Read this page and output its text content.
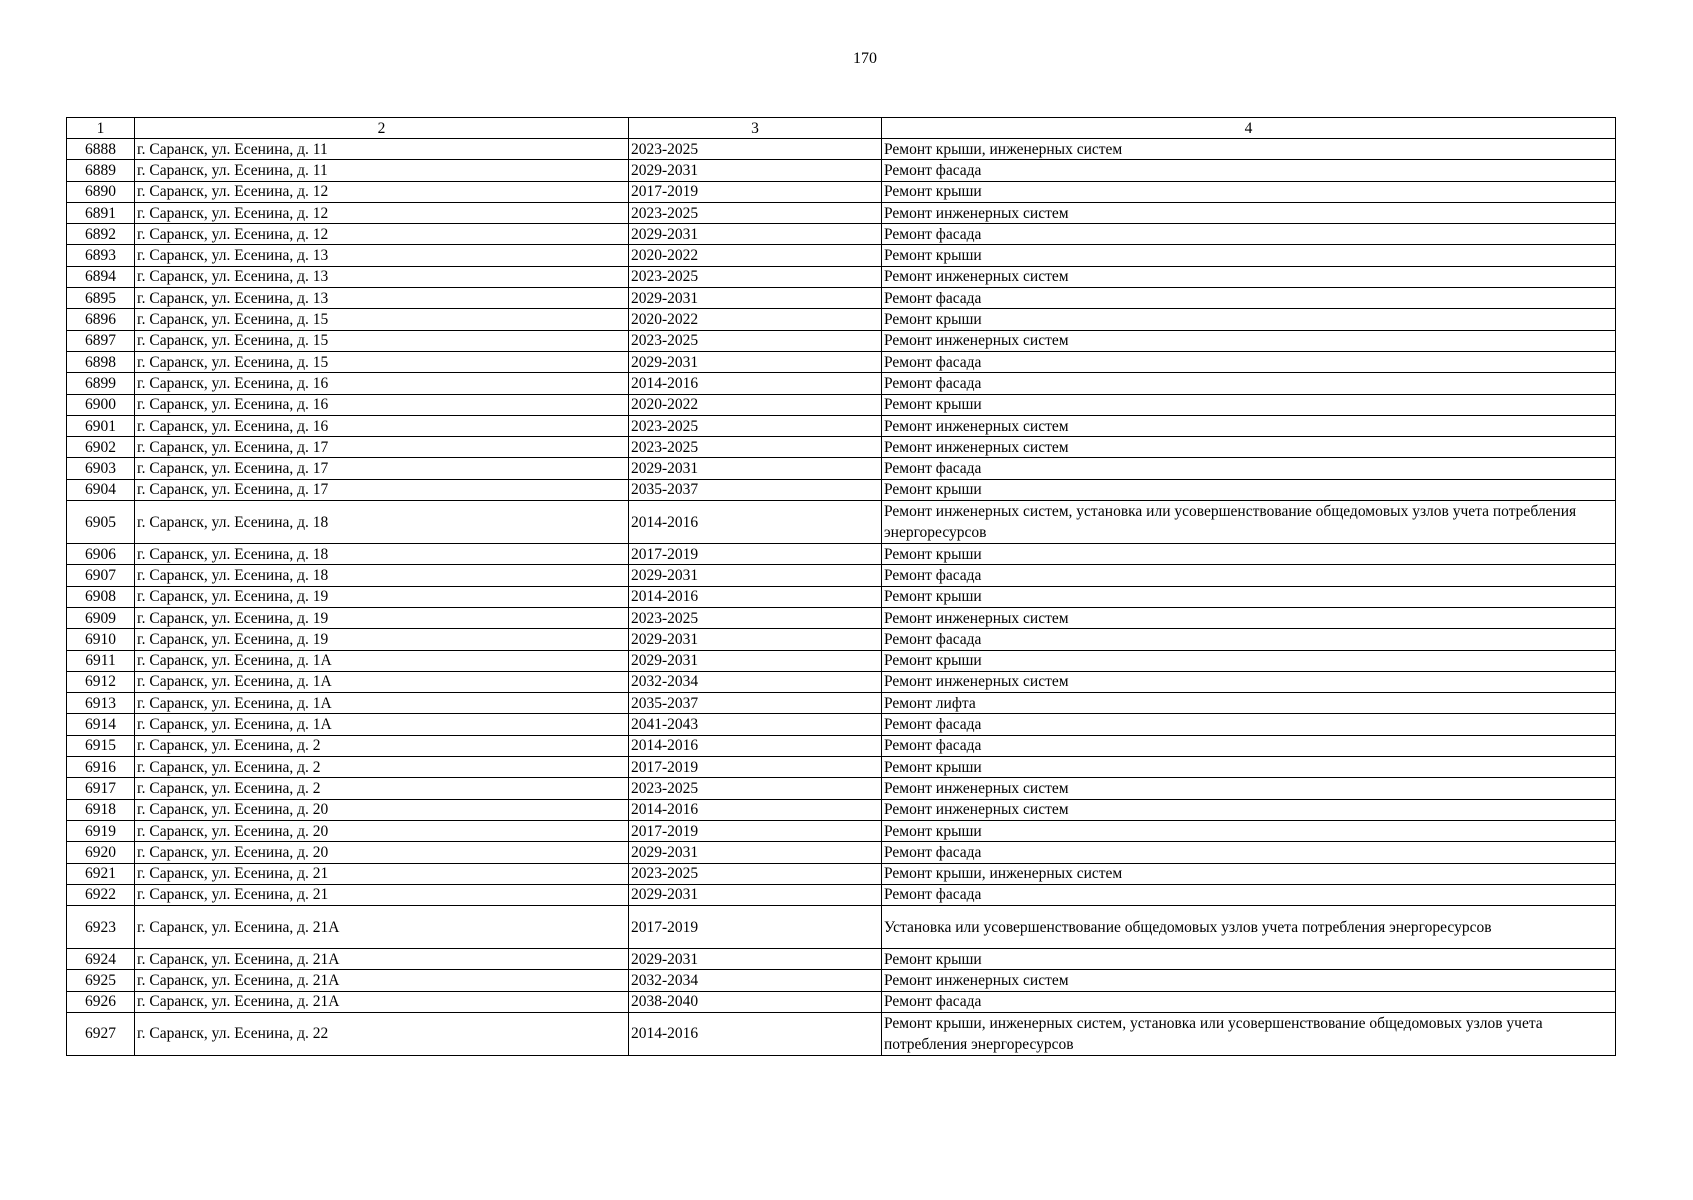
170
1	2	3	4
6888	г. Саранск, ул. Есенина, д. 11	2023-2025	Ремонт крыши, инженерных систем
6889	г. Саранск, ул. Есенина, д. 11	2029-2031	Ремонт фасада
6890	г. Саранск, ул. Есенина, д. 12	2017-2019	Ремонт крыши
6891	г. Саранск, ул. Есенина, д. 12	2023-2025	Ремонт инженерных систем
6892	г. Саранск, ул. Есенина, д. 12	2029-2031	Ремонт фасада
6893	г. Саранск, ул. Есенина, д. 13	2020-2022	Ремонт крыши
6894	г. Саранск, ул. Есенина, д. 13	2023-2025	Ремонт инженерных систем
6895	г. Саранск, ул. Есенина, д. 13	2029-2031	Ремонт фасада
6896	г. Саранск, ул. Есенина, д. 15	2020-2022	Ремонт крыши
6897	г. Саранск, ул. Есенина, д. 15	2023-2025	Ремонт инженерных систем
6898	г. Саранск, ул. Есенина, д. 15	2029-2031	Ремонт фасада
6899	г. Саранск, ул. Есенина, д. 16	2014-2016	Ремонт фасада
6900	г. Саранск, ул. Есенина, д. 16	2020-2022	Ремонт крыши
6901	г. Саранск, ул. Есенина, д. 16	2023-2025	Ремонт инженерных систем
6902	г. Саранск, ул. Есенина, д. 17	2023-2025	Ремонт инженерных систем
6903	г. Саранск, ул. Есенина, д. 17	2029-2031	Ремонт фасада
6904	г. Саранск, ул. Есенина, д. 17	2035-2037	Ремонт крыши
6905	г. Саранск, ул. Есенина, д. 18	2014-2016	Ремонт инженерных систем, установка или усовершенствование общедомовых узлов учета потребления энергоресурсов
6906	г. Саранск, ул. Есенина, д. 18	2017-2019	Ремонт крыши
6907	г. Саранск, ул. Есенина, д. 18	2029-2031	Ремонт фасада
6908	г. Саранск, ул. Есенина, д. 19	2014-2016	Ремонт крыши
6909	г. Саранск, ул. Есенина, д. 19	2023-2025	Ремонт инженерных систем
6910	г. Саранск, ул. Есенина, д. 19	2029-2031	Ремонт фасада
6911	г. Саранск, ул. Есенина, д. 1А	2029-2031	Ремонт крыши
6912	г. Саранск, ул. Есенина, д. 1А	2032-2034	Ремонт инженерных систем
6913	г. Саранск, ул. Есенина, д. 1А	2035-2037	Ремонт лифта
6914	г. Саранск, ул. Есенина, д. 1А	2041-2043	Ремонт фасада
6915	г. Саранск, ул. Есенина, д. 2	2014-2016	Ремонт фасада
6916	г. Саранск, ул. Есенина, д. 2	2017-2019	Ремонт крыши
6917	г. Саранск, ул. Есенина, д. 2	2023-2025	Ремонт инженерных систем
6918	г. Саранск, ул. Есенина, д. 20	2014-2016	Ремонт инженерных систем
6919	г. Саранск, ул. Есенина, д. 20	2017-2019	Ремонт крыши
6920	г. Саранск, ул. Есенина, д. 20	2029-2031	Ремонт фасада
6921	г. Саранск, ул. Есенина, д. 21	2023-2025	Ремонт крыши, инженерных систем
6922	г. Саранск, ул. Есенина, д. 21	2029-2031	Ремонт фасада
6923	г. Саранск, ул. Есенина, д. 21А	2017-2019	Установка или усовершенствование общедомовых узлов учета потребления энергоресурсов
6924	г. Саранск, ул. Есенина, д. 21А	2029-2031	Ремонт крыши
6925	г. Саранск, ул. Есенина, д. 21А	2032-2034	Ремонт инженерных систем
6926	г. Саранск, ул. Есенина, д. 21А	2038-2040	Ремонт фасада
6927	г. Саранск, ул. Есенина, д. 22	2014-2016	Ремонт крыши, инженерных систем, установка или усовершенствование общедомовых узлов учета потребления энергоресурсов
